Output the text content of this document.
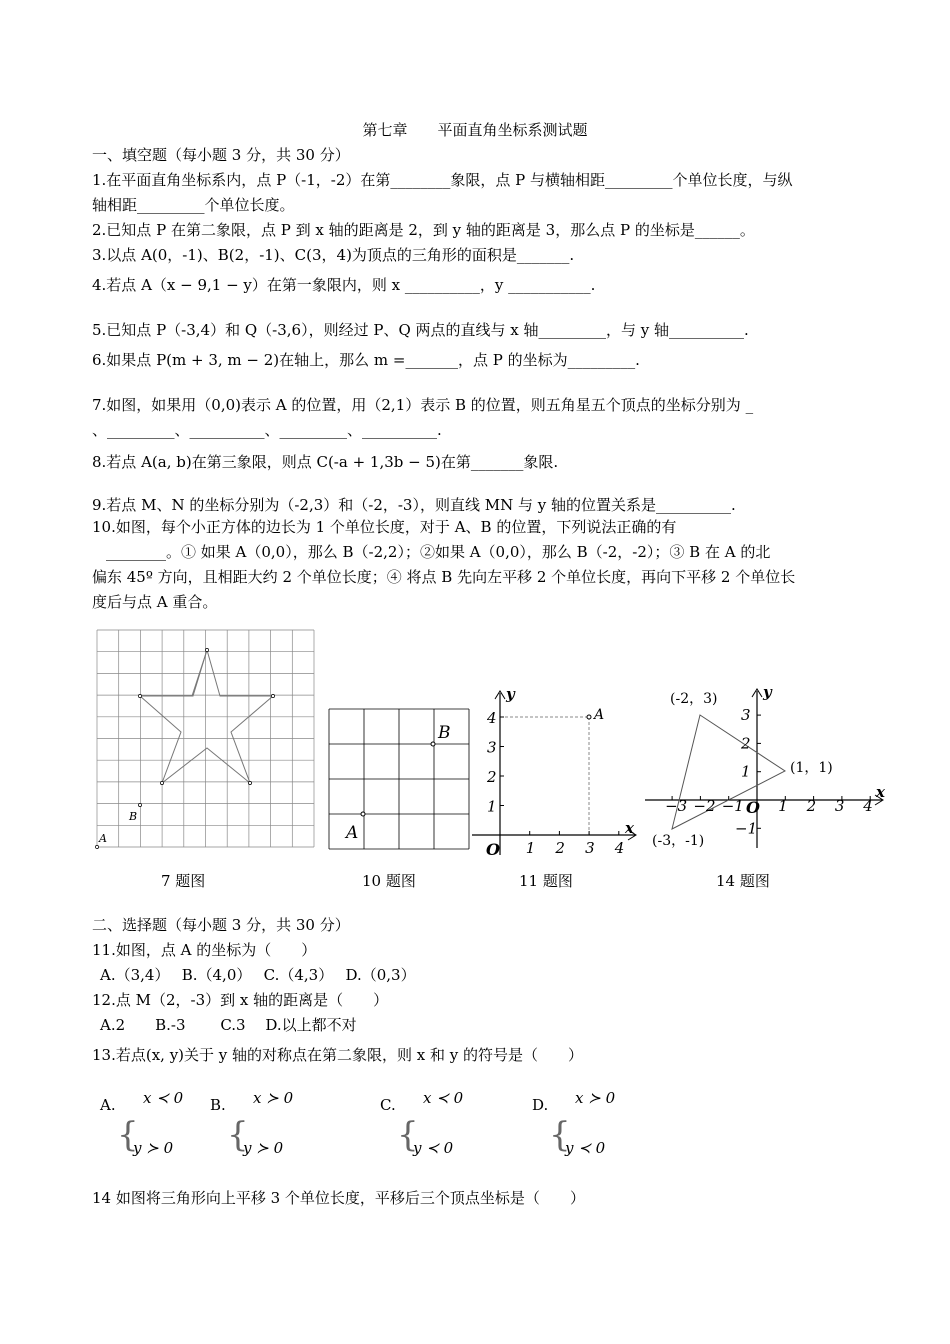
第七章　　平面直角坐标系测试题
一、填空题（每小题 3 分，共 30 分）
1.在平面直角坐标系内，点 P（-1，-2）在第________象限，点 P 与横轴相距_________个单位长度，与纵
轴相距_________个单位长度。
2.已知点 P 在第二象限，点 P 到 x 轴的距离是 2，到 y 轴的距离是 3，那么点 P 的坐标是______。
3.以点 A(0，-1)、B(2，-1)、C(3，4)为顶点的三角形的面积是_______.
4.若点 A（x − 9,1 − y）在第一象限内，则 x __________，y ___________.
5.已知点 P（-3,4）和 Q（-3,6），则经过 P、Q 两点的直线与 x 轴_________，与 y 轴__________.
6.如果点 P(m + 3, m − 2)在轴上，那么 m =_______，点 P 的坐标为_________.
7.如图，如果用（0,0)表示 A 的位置，用（2,1）表示 B 的位置，则五角星五个顶点的坐标分别为 _
、_________、__________、_________、__________.
8.若点 A(a, b)在第三象限，则点 C(-a + 1,3b − 5)在第_______象限.
9.若点 M、N 的坐标分别为（-2,3）和（-2，-3），则直线 MN 与 y 轴的位置关系是__________.
10.如图，每个小正方体的边长为 1 个单位长度，对于 A、B 的位置，下列说法正确的有
________。① 如果 A（0,0），那么 B（-2,2）；②如果 A（0,0），那么 B（-2，-2）；③ B 在 A 的北
偏东 45º 方向，且相距大约 2 个单位长度；④ 将点 B 先向左平移 2 个单位长度，再向下平移 2 个单位长
度后与点 A 重合。
B
A	A
B
A
y
x
O 1 2 3 4
1
2
3
4
y
x
O
(-2，3)
(1，1)
(-3，-1)
−3 −2 −1 1 2 3 4
3
2
1
−1
7 题图	10 题图	11 题图	14 题图
二、选择题（每小题 3 分，共 30 分）
11.如图，点 A 的坐标为（　　）
A.（3,4）　 B.（4,0）　 C.（4,3）　 D.（0,3）
12.点 M（2，-3）到 x 轴的距离是（　　）
A.2　　B.-3　　 C.3　 D.以上都不对
13.若点(x, y)关于 y 轴的对称点在第二象限，则 x 和 y 的符号是（　　）
A. x ≺ 0
{
y ≻ 0
B. x ≻ 0
{
y ≻ 0
C. x ≺ 0
{
y ≺ 0
D. x ≻ 0
{
y ≺ 0
14 如图将三角形向上平移 3 个单位长度，平移后三个顶点坐标是（　　）
